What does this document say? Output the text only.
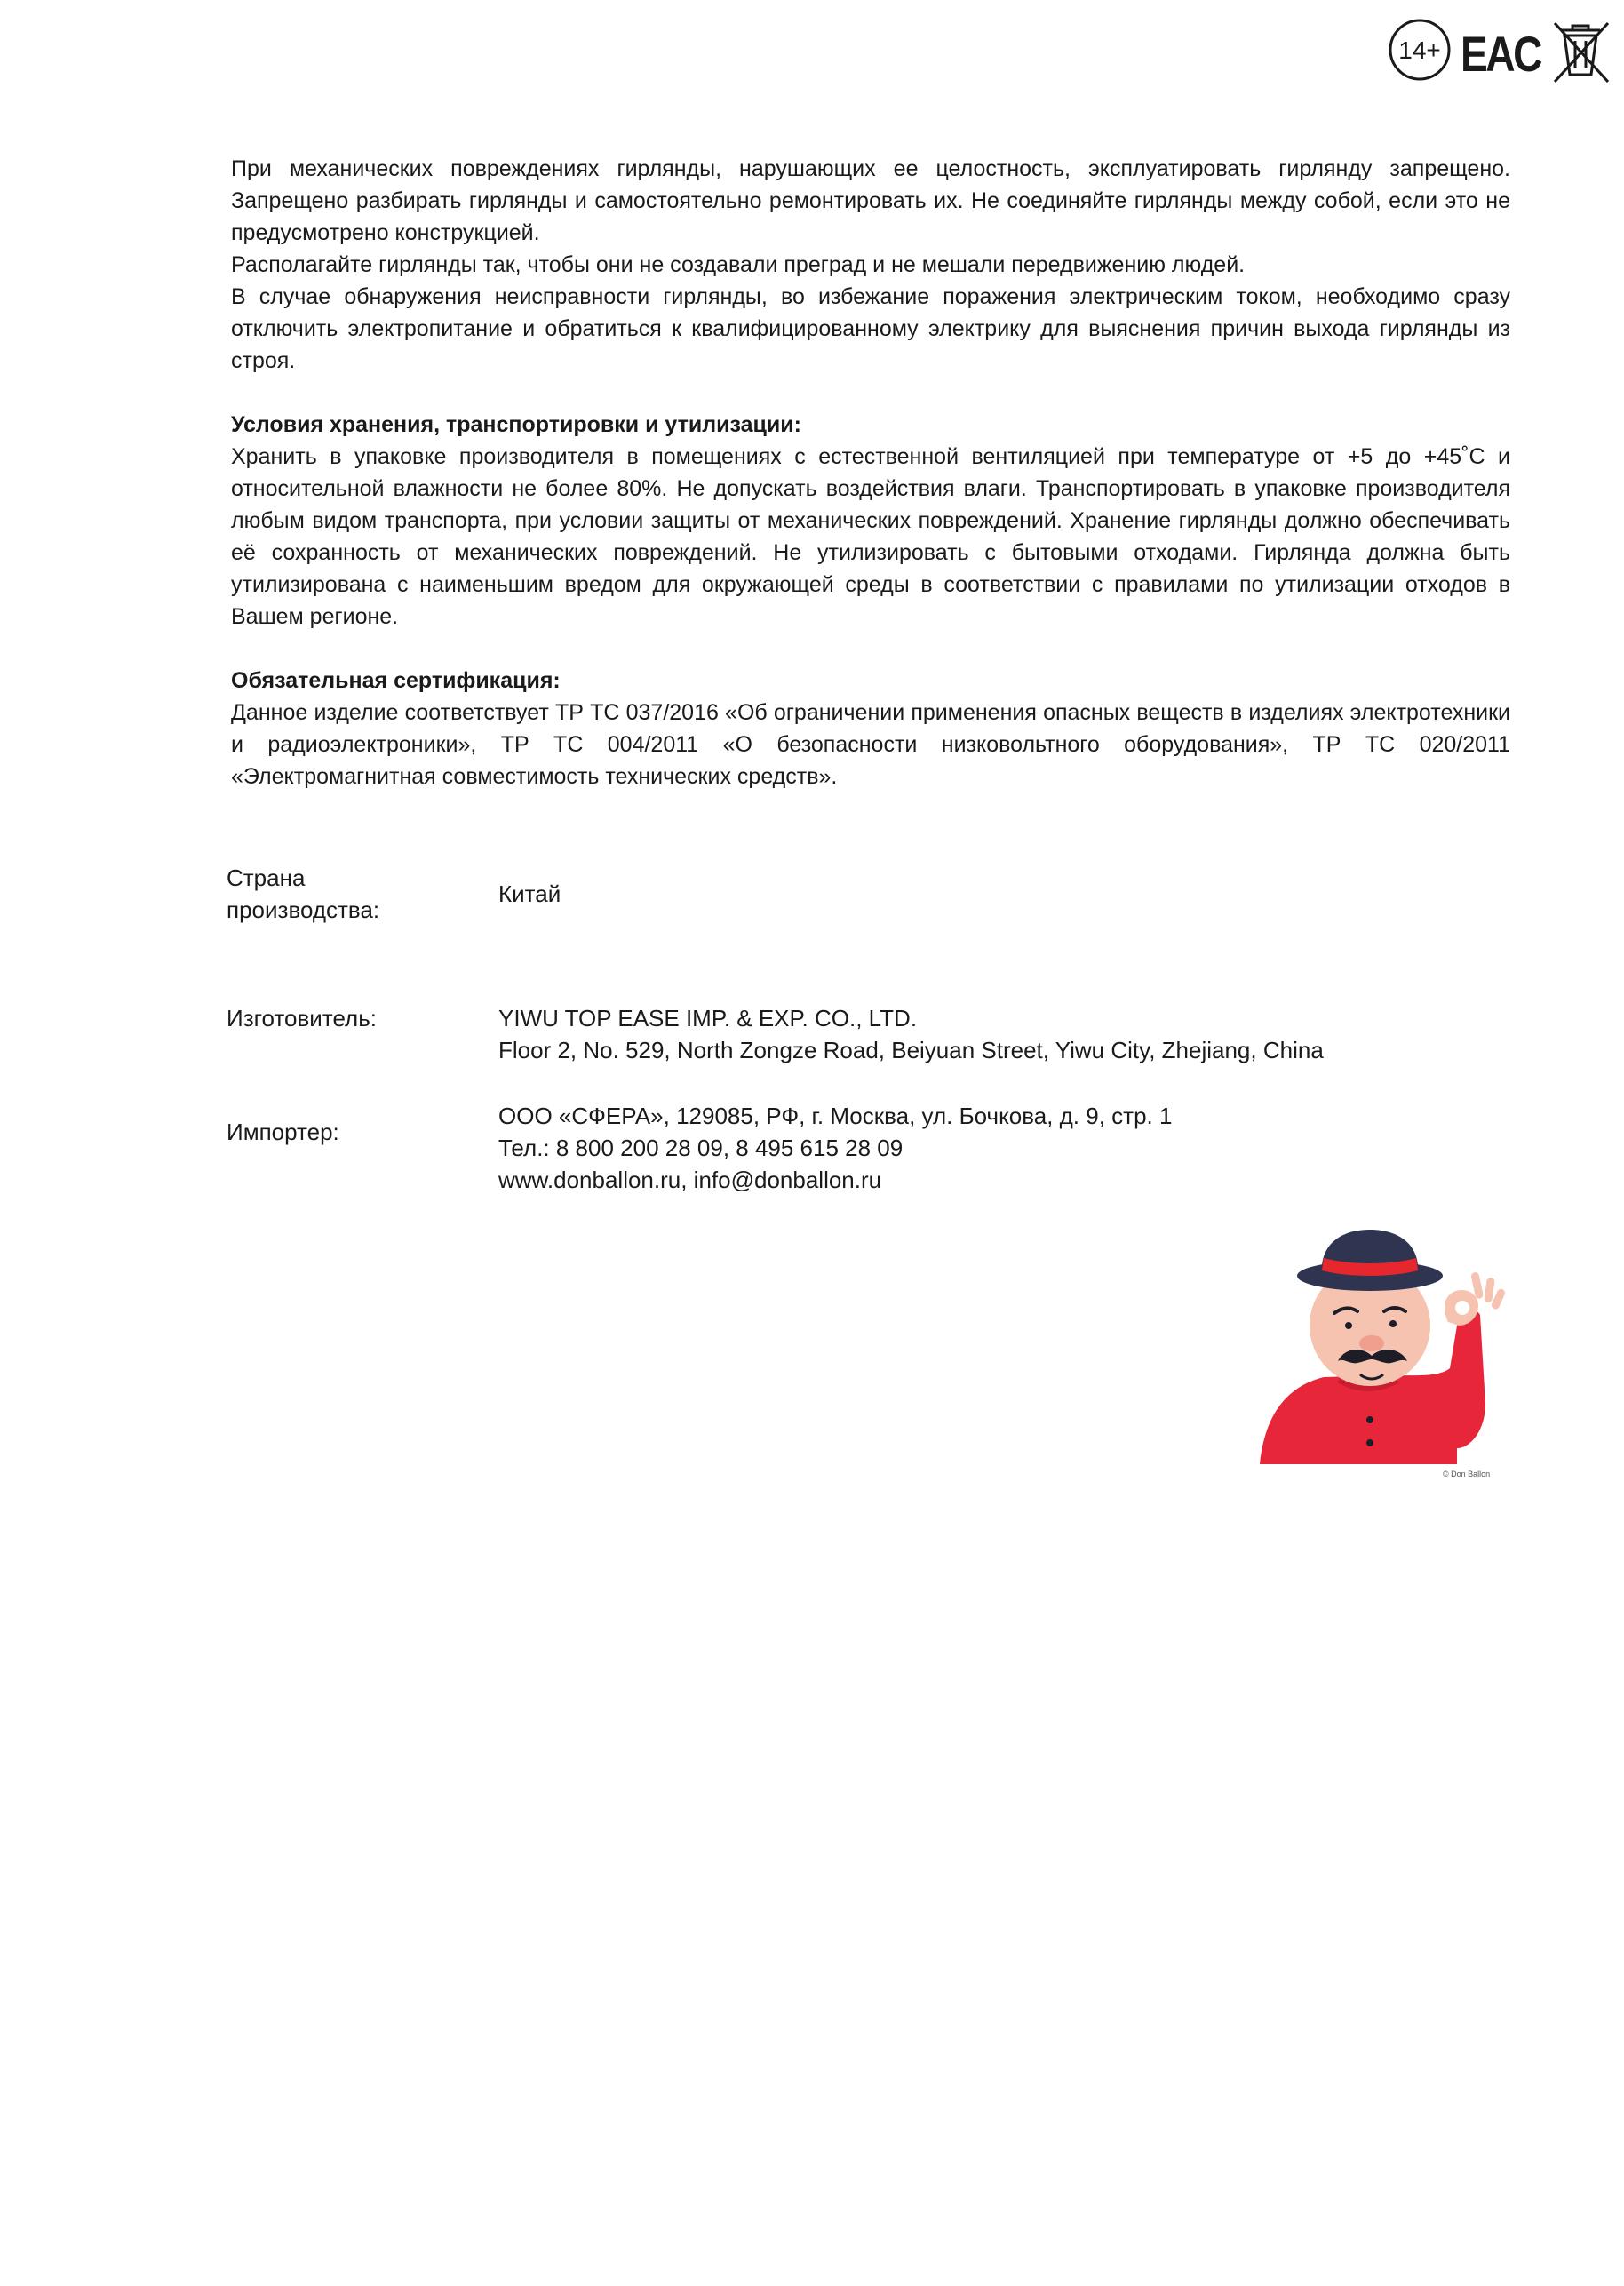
14+ EAC

При механических повреждениях гирлянды, нарушающих ее целостность, эксплуатировать гирлянду запрещено. Запрещено разбирать гирлянды и самостоятельно ремонтировать их. Не соединяйте гирлянды между собой, если это не предусмотрено конструкцией.

Располагайте гирлянды так, чтобы они не создавали преград и не мешали передвижению людей.

В случае обнаружения неисправности гирлянды, во избежание поражения электрическим током, необходимо сразу отключить электропитание и обратиться к квалифицированному электрику для выяснения причин выхода гирлянды из строя.

Условия хранения, транспортировки и утилизации:

Хранить в упаковке производителя в помещениях с естественной вентиляцией при температуре от +5 до +45˚С и относительной влажности не более 80%. Не допускать воздействия влаги. Транспортировать в упаковке производителя любым видом транспорта, при условии защиты от механических повреждений. Хранение гирлянды должно обеспечивать её сохранность от механических повреждений. Не утилизировать с бытовыми отходами. Гирлянда должна быть утилизирована с наименьшим вредом для окружающей среды в соответствии с правилами по утилизации отходов в Вашем регионе.

Обязательная сертификация:

Данное изделие соответствует ТР ТС 037/2016 «Об ограничении применения опасных веществ в изделиях электротехники и радиоэлектроники», ТР ТС 004/2011 «О безопасности низковольтного оборудования», ТР ТС 020/2011 «Электромагнитная совместимость технических средств».

Страна
производства:
Китай
Изготовитель:	YIWU TOP EASE IMP. & EXP. CO., LTD.
Floor 2, No. 529, North Zongze Road, Beiyuan Street, Yiwu City, Zhejiang, China
Импортер:
ООО «СФЕРА», 129085, РФ, г. Москва, ул. Бочкова, д. 9, стр. 1
Тел.: 8 800 200 28 09, 8 495 615 28 09
www.donballon.ru, info@donballon.ru
© Don Ballon
